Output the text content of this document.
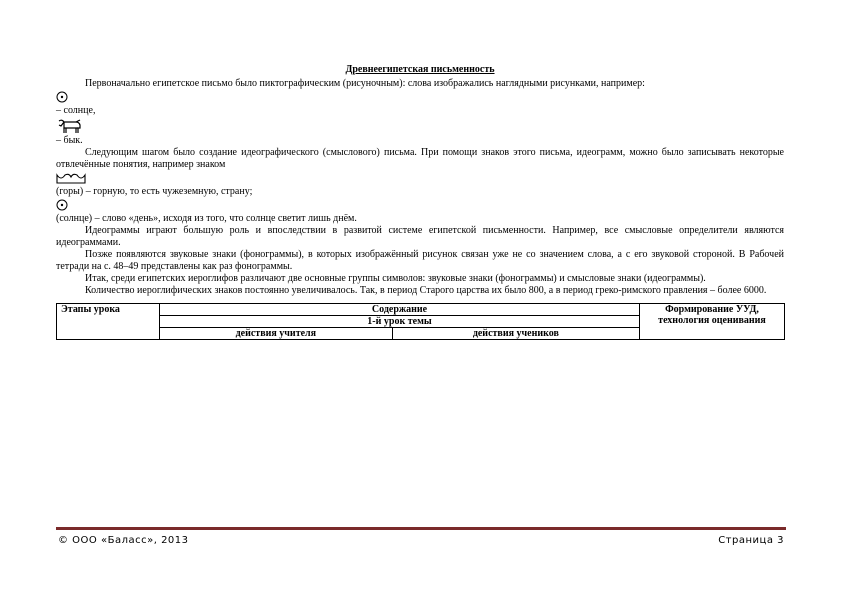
Древнеегипетская письменность

Первоначально египетское письмо было пиктографическим (рисуночным): слова изображались наглядными рисунками, например:

– солнце,

– бык.

Следующим шагом было создание идеографического (смыслового) письма. При помощи знаков этого письма, идеограмм, можно было записывать некоторые отвлечённые понятия, например знаком

(горы) – горную, то есть чужеземную, страну;

(солнце) – слово «день», исходя из того, что солнце светит лишь днём.

Идеограммы играют большую роль и впоследствии в развитой системе египетской письменности. Например, все смысловые определители являются идеограммами.

Позже появляются звуковые знаки (фонограммы), в которых изображённый рисунок связан уже не со значением слова, а с его звуковой стороной. В Рабочей тетради на с. 48–49 представлены как раз фонограммы.

Итак, среди египетских иероглифов различают две основные группы символов: звуковые знаки (фонограммы) и смысловые знаки (идеограммы).

Количество иероглифических знаков постоянно увеличивалось. Так, в период Старого царства их было 800, а в период греко-римского правления – более 6000.

Этапы урока	Содержание		Формирование УУД, технология оценивания
	1-й урок темы		
	действия учителя	действия учеников	
© ООО «Баласс», 2013	Страница 3
